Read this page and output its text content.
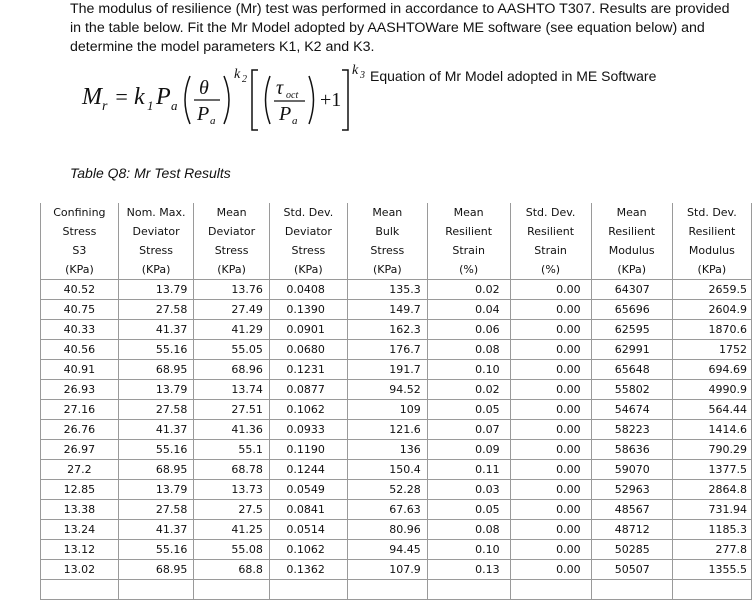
The modulus of resilience (Mr) test was performed in accordance to AASHTO T307. Results are provided
in the table below. Fit the Mr Model adopted by AASHTOWare ME software (see equation below) and
determine the model parameters K1, K2 and K3.
M r = k 1 P a
θ
P a
k 2 τ oct
P a
+1
k 3 Equation of Mr Model adopted in ME Software
Table Q8: Mr Test Results
Confining	Nom. Max.	Mean	Std. Dev.	Mean	Mean	Std. Dev.	Mean	Std. Dev.
Stress	Deviator	Deviator	Deviator	Bulk	Resilient	Resilient	Resilient	Resilient
S3	Stress	Stress	Stress	Stress	Strain	Strain	Modulus	Modulus
(KPa)	(KPa)	(KPa)	(KPa)	(KPa)	(%)	(%)	(KPa)	(KPa)
40.52	13.79	13.76	0.0408	135.3	0.02	0.00	64307	2659.5
40.75	27.58	27.49	0.1390	149.7	0.04	0.00	65696	2604.9
40.33	41.37	41.29	0.0901	162.3	0.06	0.00	62595	1870.6
40.56	55.16	55.05	0.0680	176.7	0.08	0.00	62991	1752
40.91	68.95	68.96	0.1231	191.7	0.10	0.00	65648	694.69
26.93	13.79	13.74	0.0877	94.52	0.02	0.00	55802	4990.9
27.16	27.58	27.51	0.1062	109	0.05	0.00	54674	564.44
26.76	41.37	41.36	0.0933	121.6	0.07	0.00	58223	1414.6
26.97	55.16	55.1	0.1190	136	0.09	0.00	58636	790.29
27.2	68.95	68.78	0.1244	150.4	0.11	0.00	59070	1377.5
12.85	13.79	13.73	0.0549	52.28	0.03	0.00	52963	2864.8
13.38	27.58	27.5	0.0841	67.63	0.05	0.00	48567	731.94
13.24	41.37	41.25	0.0514	80.96	0.08	0.00	48712	1185.3
13.12	55.16	55.08	0.1062	94.45	0.10	0.00	50285	277.8
13.02	68.95	68.8	0.1362	107.9	0.13	0.00	50507	1355.5
